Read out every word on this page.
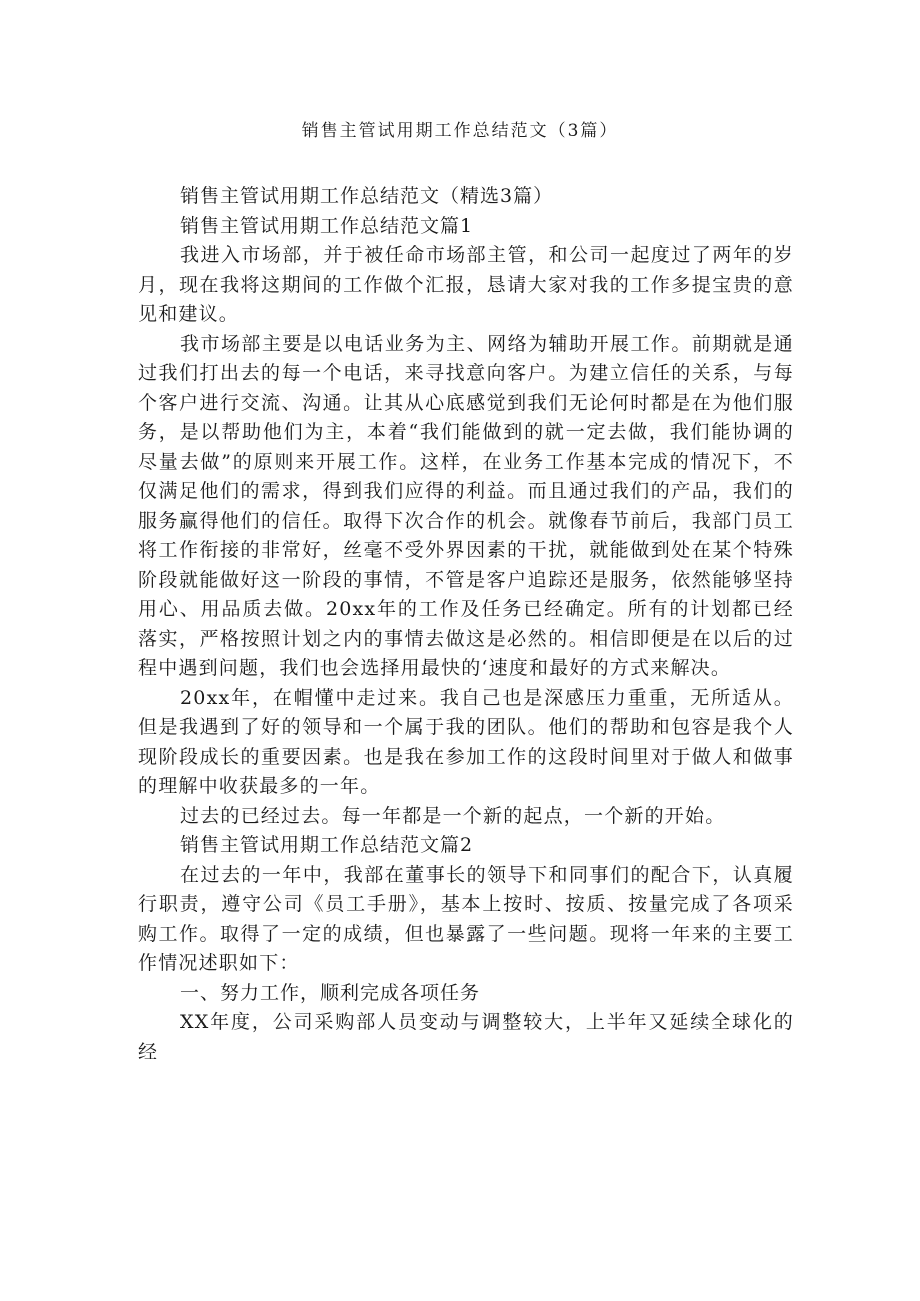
销售主管试用期工作总结范文（3篇）

销售主管试用期工作总结范文（精选3篇）

销售主管试用期工作总结范文篇1

我进入市场部，并于被任命市场部主管，和公司一起度过了两年的岁月，现在我将这期间的工作做个汇报，恳请大家对我的工作多提宝贵的意见和建议。

我市场部主要是以电话业务为主、网络为辅助开展工作。前期就是通过我们打出去的每一个电话，来寻找意向客户。为建立信任的关系，与每个客户进行交流、沟通。让其从心底感觉到我们无论何时都是在为他们服务，是以帮助他们为主，本着“我们能做到的就一定去做，我们能协调的尽量去做”的原则来开展工作。这样，在业务工作基本完成的情况下，不仅满足他们的需求，得到我们应得的利益。而且通过我们的产品，我们的服务赢得他们的信任。取得下次合作的机会。就像春节前后，我部门员工将工作衔接的非常好，丝毫不受外界因素的干扰，就能做到处在某个特殊阶段就能做好这一阶段的事情，不管是客户追踪还是服务，依然能够坚持用心、用品质去做。20xx年的工作及任务已经确定。所有的计划都已经落实，严格按照计划之内的事情去做这是必然的。相信即便是在以后的过程中遇到问题，我们也会选择用最快的‘速度和最好的方式来解决。

20xx年，在帽懂中走过来。我自己也是深感压力重重，无所适从。但是我遇到了好的领导和一个属于我的团队。他们的帮助和包容是我个人现阶段成长的重要因素。也是我在参加工作的这段时间里对于做人和做事的理解中收获最多的一年。

过去的已经过去。每一年都是一个新的起点，一个新的开始。

销售主管试用期工作总结范文篇2

在过去的一年中，我部在董事长的领导下和同事们的配合下，认真履行职责，遵守公司《员工手册》，基本上按时、按质、按量完成了各项采购工作。取得了一定的成绩，但也暴露了一些问题。现将一年来的主要工作情况述职如下：

一、努力工作，顺利完成各项任务

XX年度，公司采购部人员变动与调整较大，上半年又延续全球化的经
